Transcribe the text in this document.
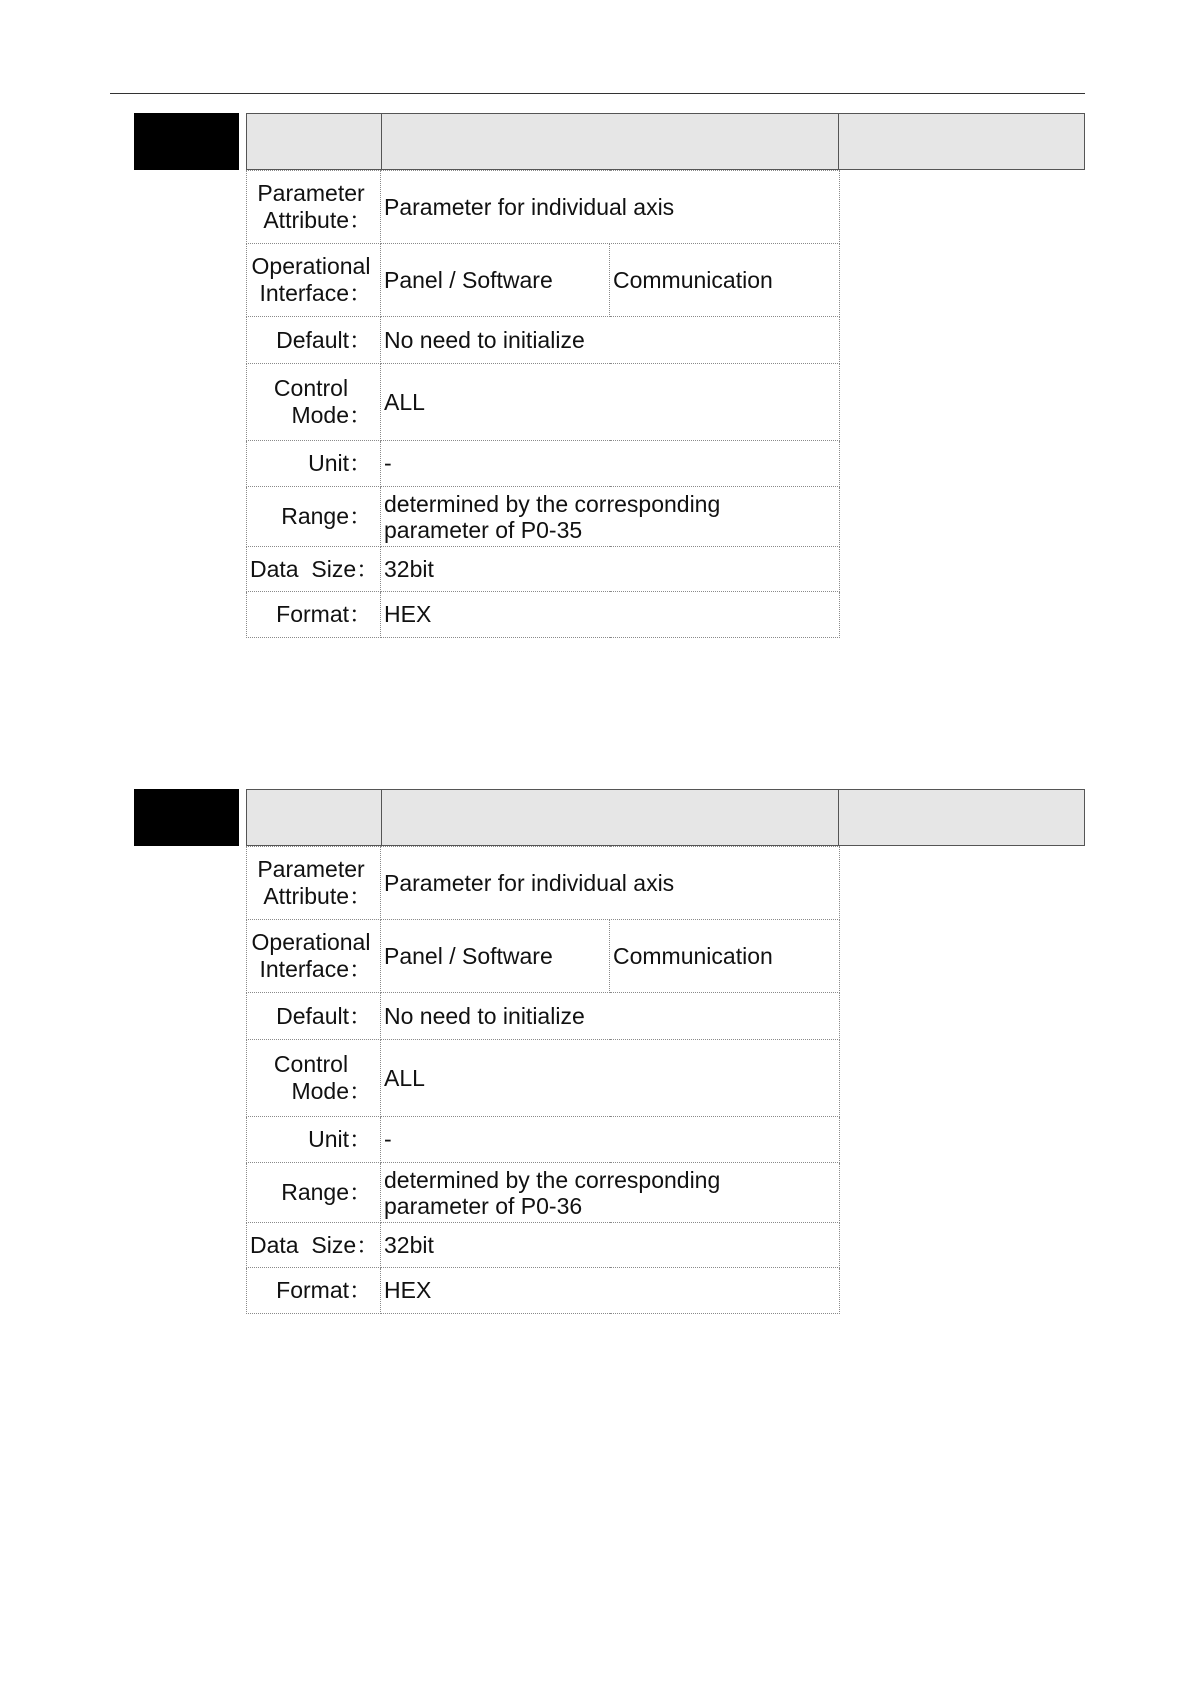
Parameter
Attribute：	Parameter for individual axis	

Operational
Interface：	Panel / Software	Communication
Default：	No need to initialize	

Control
Mode：	ALL	
Unit：	-	
Range：	determined by the corresponding
parameter of P0-35	

Data  Size：	32bit	
Format：	HEX	
Parameter
Attribute：	Parameter for individual axis	

Operational
Interface：	Panel / Software	Communication
Default：	No need to initialize	

Control
Mode：	ALL	
Unit：	-	
Range：	determined by the corresponding
parameter of P0-36	

Data  Size：	32bit	
Format：	HEX	
